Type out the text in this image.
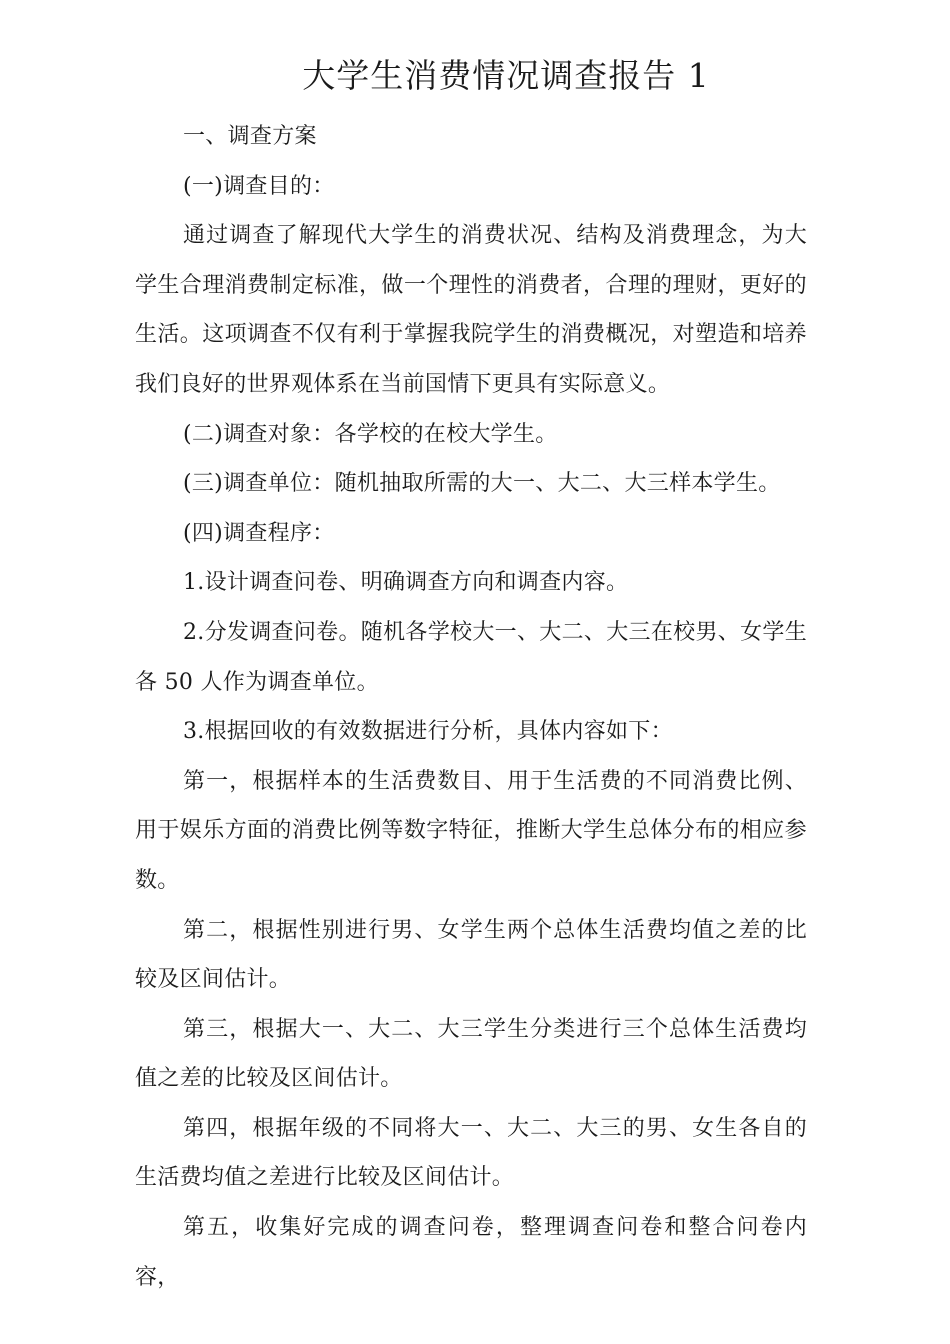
大学生消费情况调查报告 1

一、调查方案

(一)调查目的：

通过调查了解现代大学生的消费状况、结构及消费理念，为大学生合理消费制定标准，做一个理性的消费者，合理的理财，更好的生活。这项调查不仅有利于掌握我院学生的消费概况，对塑造和培养我们良好的世界观体系在当前国情下更具有实际意义。

(二)调查对象：各学校的在校大学生。

(三)调查单位：随机抽取所需的大一、大二、大三样本学生。

(四)调查程序：

1.设计调查问卷、明确调查方向和调查内容。

2.分发调查问卷。随机各学校大一、大二、大三在校男、女学生各 50 人作为调查单位。

3.根据回收的有效数据进行分析，具体内容如下：

第一，根据样本的生活费数目、用于生活费的不同消费比例、用于娱乐方面的消费比例等数字特征，推断大学生总体分布的相应参数。

第二，根据性别进行男、女学生两个总体生活费均值之差的比较及区间估计。

第三，根据大一、大二、大三学生分类进行三个总体生活费均值之差的比较及区间估计。

第四，根据年级的不同将大一、大二、大三的男、女生各自的生活费均值之差进行比较及区间估计。

第五，收集好完成的调查问卷，整理调查问卷和整合问卷内容，
